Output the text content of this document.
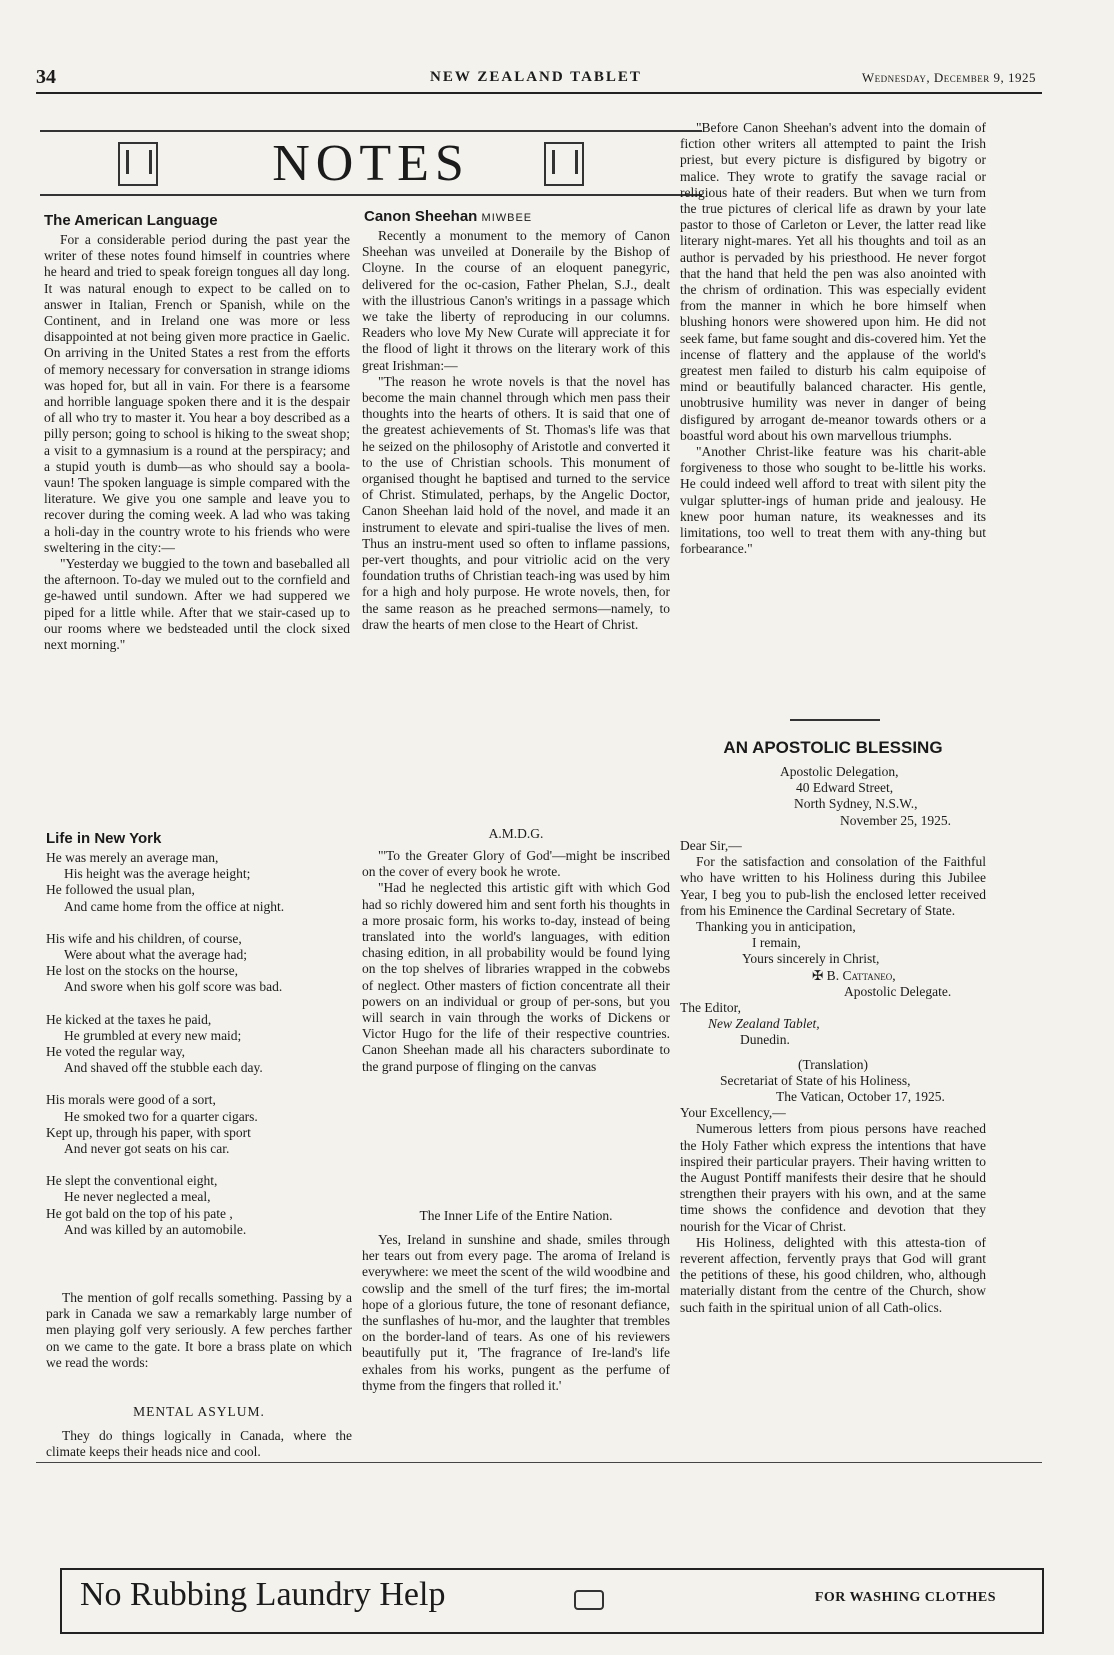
34	NEW ZEALAND TABLET	Wednesday, December 9, 1925
NOTES
The American Language

For a considerable period during the past year the writer of these notes found himself in countries where he heard and tried to speak foreign tongues all day long. It was natural enough to expect to be called on to answer in Italian, French or Spanish, while on the Continent, and in Ireland one was more or less disappointed at not being given more practice in Gaelic. On arriving in the United States a rest from the efforts of memory necessary for conversation in strange idioms was hoped for, but all in vain. For there is a fearsome and horrible language spoken there and it is the despair of all who try to master it. You hear a boy described as a pilly person; going to school is hiking to the sweat shop; a visit to a gymnasium is a round at the perspiracy; and a stupid youth is dumb—as who should say a boola-vaun! The spoken language is simple compared with the literature. We give you one sample and leave you to recover during the coming week. A lad who was taking a holi-day in the country wrote to his friends who were sweltering in the city:—

"Yesterday we buggied to the town and baseballed all the afternoon. To-day we muled out to the cornfield and ge-hawed until sundown. After we had suppered we piped for a little while. After that we stair-cased up to our rooms where we bedsteaded until the clock sixed next morning."

Life in New York
He was merely an average man,
His height was the average height;
He followed the usual plan,
And came home from the office at night.
His wife and his children, of course,
Were about what the average had;
He lost on the stocks on the hourse,
And swore when his golf score was bad.
He kicked at the taxes he paid,
He grumbled at every new maid;
He voted the regular way,
And shaved off the stubble each day.
His morals were good of a sort,
He smoked two for a quarter cigars.
Kept up, through his paper, with sport
And never got seats on his car.
He slept the conventional eight,
He never neglected a meal,
He got bald on the top of his pate ,
And was killed by an automobile.

The mention of golf recalls something. Passing by a park in Canada we saw a remarkably large number of men playing golf very seriously. A few perches farther on we came to the gate. It bore a brass plate on which we read the words:

MENTAL ASYLUM.

They do things logically in Canada, where the climate keeps their heads nice and cool.

Canon Sheehan MIWBEE

Recently a monument to the memory of Canon Sheehan was unveiled at Doneraile by the Bishop of Cloyne. In the course of an eloquent panegyric, delivered for the oc-casion, Father Phelan, S.J., dealt with the illustrious Canon's writings in a passage which we take the liberty of reproducing in our columns. Readers who love My New Curate will appreciate it for the flood of light it throws on the literary work of this great Irishman:—

"The reason he wrote novels is that the novel has become the main channel through which men pass their thoughts into the hearts of others. It is said that one of the greatest achievements of St. Thomas's life was that he seized on the philosophy of Aristotle and converted it to the use of Christian schools. This monument of organised thought he baptised and turned to the service of Christ. Stimulated, perhaps, by the Angelic Doctor, Canon Sheehan laid hold of the novel, and made it an instrument to elevate and spiri-tualise the lives of men. Thus an instru-ment used so often to inflame passions, per-vert thoughts, and pour vitriolic acid on the very foundation truths of Christian teach-ing was used by him for a high and holy purpose. He wrote novels, then, for the same reason as he preached sermons—namely, to draw the hearts of men close to the Heart of Christ.

A.M.D.G.

"'To the Greater Glory of God'—might be inscribed on the cover of every book he wrote.

"Had he neglected this artistic gift with which God had so richly dowered him and sent forth his thoughts in a more prosaic form, his works to-day, instead of being translated into the world's languages, with edition chasing edition, in all probability would be found lying on the top shelves of libraries wrapped in the cobwebs of neglect. Other masters of fiction concentrate all their powers on an individual or group of per-sons, but you will search in vain through the works of Dickens or Victor Hugo for the life of their respective countries. Canon Sheehan made all his characters subordinate to the grand purpose of flinging on the canvas

The Inner Life of the Entire Nation.

Yes, Ireland in sunshine and shade, smiles through her tears out from every page. The aroma of Ireland is everywhere: we meet the scent of the wild woodbine and cowslip and the smell of the turf fires; the im-mortal hope of a glorious future, the tone of resonant defiance, the sunflashes of hu-mor, and the laughter that trembles on the border-land of tears. As one of his reviewers beautifully put it, 'The fragrance of Ire-land's life exhales from his works, pungent as the perfume of thyme from the fingers that rolled it.'

"Before Canon Sheehan's advent into the domain of fiction other writers all attempted to paint the Irish priest, but every picture is disfigured by bigotry or malice. They wrote to gratify the savage racial or religious hate of their readers. But when we turn from the true pictures of clerical life as drawn by your late pastor to those of Carleton or Lever, the latter read like literary night-mares. Yet all his thoughts and toil as an author is pervaded by his priesthood. He never forgot that the hand that held the pen was also anointed with the chrism of ordination. This was especially evident from the manner in which he bore himself when blushing honors were showered upon him. He did not seek fame, but fame sought and dis-covered him. Yet the incense of flattery and the applause of the world's greatest men failed to disturb his calm equipoise of mind or beautifully balanced character. His gentle, unobtrusive humility was never in danger of being disfigured by arrogant de-meanor towards others or a boastful word about his own marvellous triumphs.

"Another Christ-like feature was his charit-able forgiveness to those who sought to be-little his works. He could indeed well afford to treat with silent pity the vulgar splutter-ings of human pride and jealousy. He knew poor human nature, its weaknesses and its limitations, too well to treat them with any-thing but forbearance."

AN APOSTOLIC BLESSING
Apostolic Delegation,
40 Edward Street,
North Sydney, N.S.W.,
November 25, 1925.
Dear Sir,—

For the satisfaction and consolation of the Faithful who have written to his Holiness during this Jubilee Year, I beg you to pub-lish the enclosed letter received from his Eminence the Cardinal Secretary of State.

Thanking you in anticipation,

I remain,
Yours sincerely in Christ,
✠ B. Cattaneo,
Apostolic Delegate.
The Editor,
New Zealand Tablet,
Dunedin.
(Translation)
Secretariat of State of his Holiness,
The Vatican, October 17, 1925.
Your Excellency,—

Numerous letters from pious persons have reached the Holy Father which express the intentions that have inspired their particular prayers. Their having written to the August Pontiff manifests their desire that he should strengthen their prayers with his own, and at the same time shows the confidence and devotion that they nourish for the Vicar of Christ.

His Holiness, delighted with this attesta-tion of reverent affection, fervently prays that God will grant the petitions of these, his good children, who, although materially distant from the centre of the Church, show such faith in the spiritual union of all Cath-olics.

No Rubbing Laundry Help	FOR WASHING CLOTHES
